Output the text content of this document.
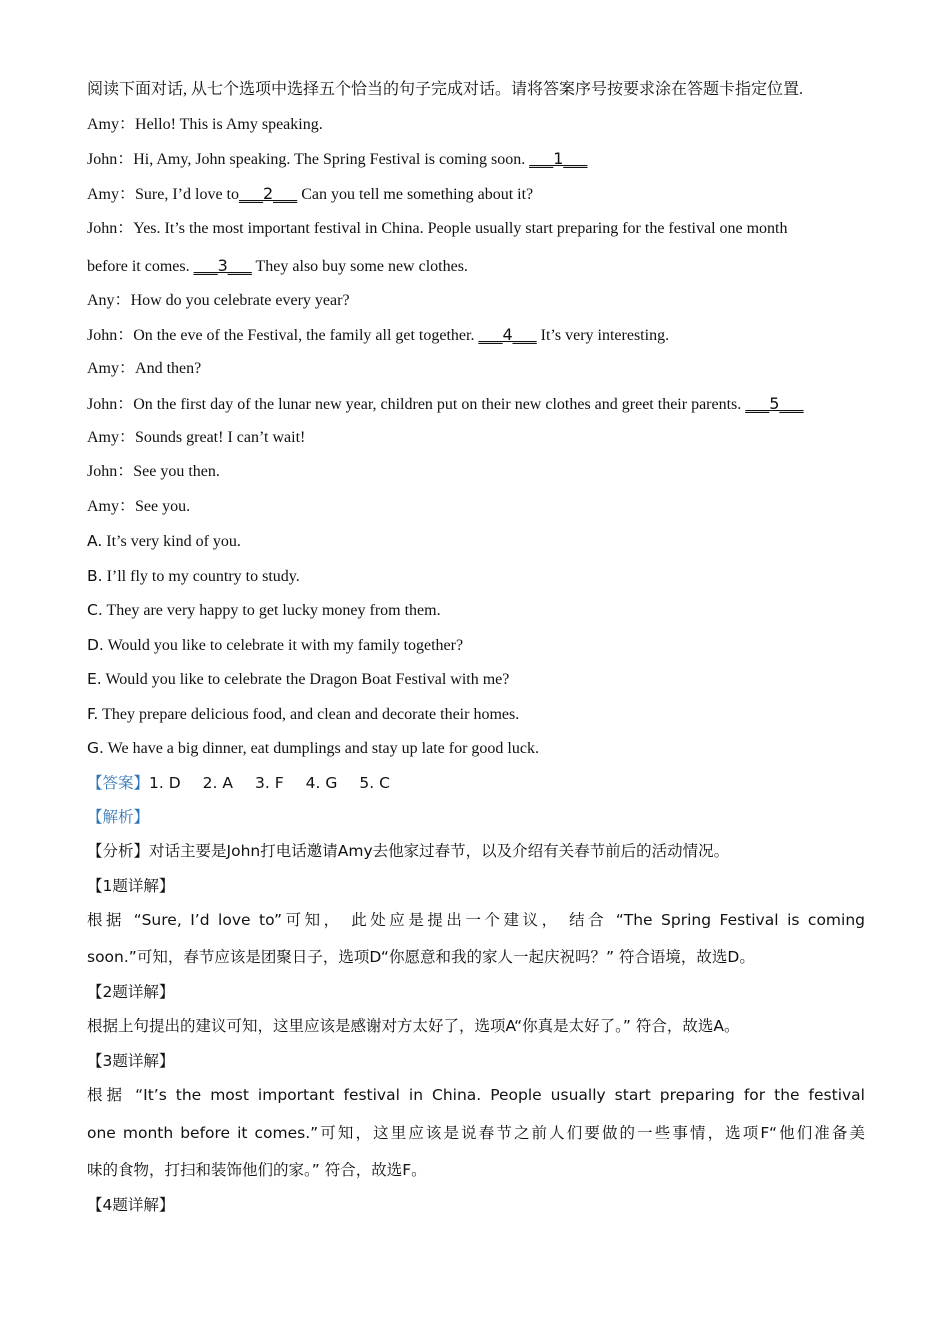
阅读下面对话, 从七个选项中选择五个恰当的句子完成对话。请将答案序号按要求涂在答题卡指定位置.
Amy：Hello! This is Amy speaking.
John：Hi, Amy, John speaking. The Spring Festival is coming soon. ___1___
Amy：Sure, I’d love to___2___ Can you tell me something about it?
John：Yes. It’s the most important festival in China. People usually start preparing for the festival one month
before it comes. ___3___ They also buy some new clothes.
Any：How do you celebrate every year?
John：On the eve of the Festival, the family all get together. ___4___ It’s very interesting.
Amy：And then?
John：On the first day of the lunar new year, children put on their new clothes and greet their parents. ___5___
Amy：Sounds great! I can’t wait!
John：See you then.
Amy：See you.
A. It’s very kind of you.
B. I’ll fly to my country to study.
C. They are very happy to get lucky money from them.
D. Would you like to celebrate it with my family together?
E. Would you like to celebrate the Dragon Boat Festival with me?
F. They prepare delicious food, and clean and decorate their homes.
G. We have a big dinner, eat dumplings and stay up late for good luck.
【答案】1. D 2. A 3. F 4. G 5. C
【解析】
【分析】对话主要是John打电话邀请Amy去他家过春节，以及介绍有关春节前后的活动情况。
【1题详解】
根据 “Sure, I’d love to”可知， 此处应是提出一个建议， 结合 “The Spring Festival is coming
soon.”可知，春节应该是团聚日子，选项D“你愿意和我的家人一起庆祝吗？” 符合语境，故选D。
【2题详解】
根据上句提出的建议可知，这里应该是感谢对方太好了，选项A“你真是太好了。” 符合，故选A。
【3题详解】
根据 “It’s the most important festival in China. People usually start preparing for the festival
one month before it comes.”可知，这里应该是说春节之前人们要做的一些事情，选项F“他们准备美
味的食物，打扫和装饰他们的家。” 符合，故选F。
【4题详解】
